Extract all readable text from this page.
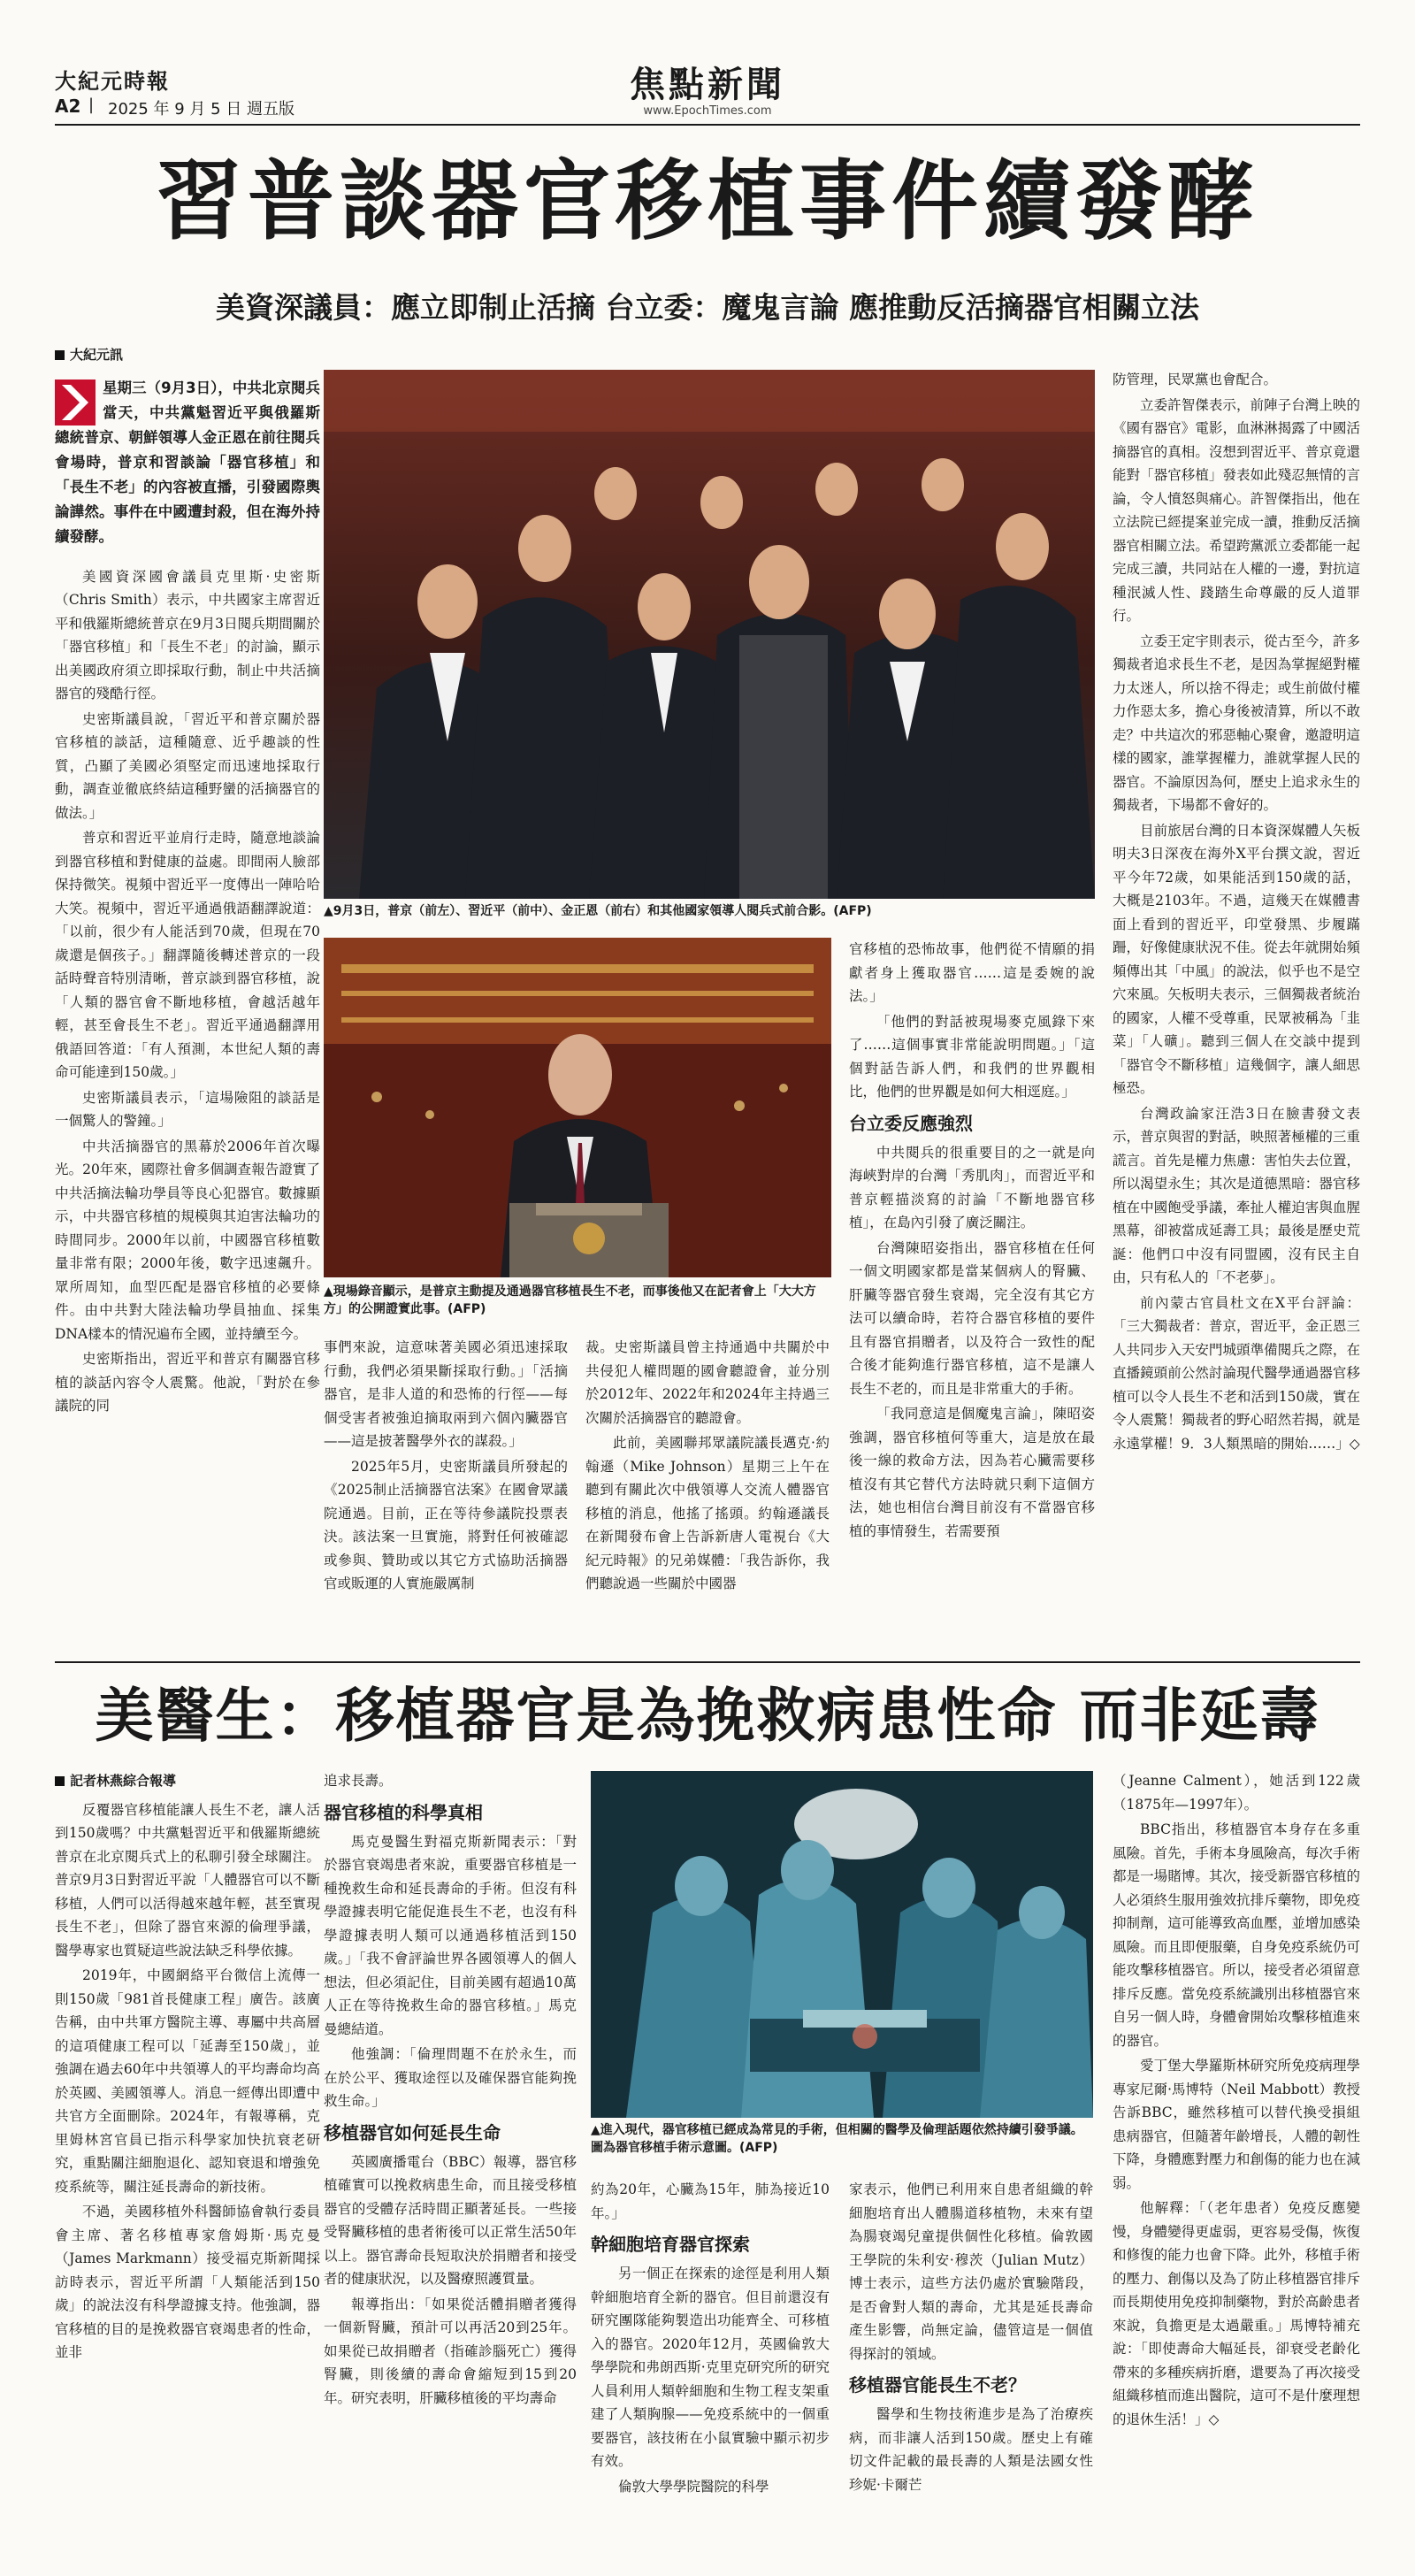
大紀元時報
A2 | 2025 年 9 月 5 日 週五版
焦點新聞
www.EpochTimes.com
習普談器官移植事件續發酵
美資深議員：應立即制止活摘 台立委：魔鬼言論 應推動反活摘器官相關立法
大紀元訊
星期三（9月3日），中共北京閱兵當天，中共黨魁習近平與俄羅斯總統普京、朝鮮領導人金正恩在前往閱兵會場時，普京和習談論「器官移植」和「長生不老」的內容被直播，引發國際輿論譁然。事件在中國遭封殺，但在海外持續發酵。

美國資深國會議員克里斯·史密斯（Chris Smith）表示，中共國家主席習近平和俄羅斯總統普京在9月3日閱兵期間關於「器官移植」和「長生不老」的討論，顯示出美國政府須立即採取行動，制止中共活摘器官的殘酷行徑。

史密斯議員說，「習近平和普京關於器官移植的談話，這種隨意、近乎趣談的性質，凸顯了美國必須堅定而迅速地採取行動，調查並徹底終結這種野蠻的活摘器官的做法。」

普京和習近平並肩行走時，隨意地談論到器官移植和對健康的益處。即間兩人臉部保持微笑。視頻中習近平一度傳出一陣哈哈大笑。視頻中，習近平通過俄語翻譯說道：「以前，很少有人能活到70歲，但現在70歲還是個孩子。」翻譯隨後轉述普京的一段話時聲音特別清晰，普京談到器官移植，說「人類的器官會不斷地移植，會越活越年輕，甚至會長生不老」。習近平通過翻譯用俄語回答道：「有人預測，本世紀人類的壽命可能達到150歲。」

史密斯議員表示，「這場險阻的談話是一個驚人的警鐘。」

中共活摘器官的黑幕於2006年首次曝光。20年來，國際社會多個調查報告證實了中共活摘法輪功學員等良心犯器官。數據顯示，中共器官移植的規模與其迫害法輪功的時間同步。2000年以前，中國器官移植數量非常有限；2000年後，數字迅速飆升。眾所周知，血型匹配是器官移植的必要條件。由中共對大陸法輪功學員抽血、採集DNA樣本的情況遍布全國，並持續至今。

史密斯指出，習近平和普京有關器官移植的談話內容令人震驚。他說，「對於在參議院的同

▲9月3日，普京（前左）、習近平（前中）、金正恩（前右）和其他國家領導人閱兵式前合影。(AFP)
▲現場錄音顯示，是普京主動提及通過器官移植長生不老，而事後他又在記者會上「大大方方」的公開證實此事。(AFP)

事們來說，這意味著美國必須迅速採取行動，我們必須果斷採取行動。」「活摘器官，是非人道的和恐怖的行徑——每個受害者被強迫摘取兩到六個內臟器官——這是披著醫學外衣的謀殺。」

2025年5月，史密斯議員所發起的《2025制止活摘器官法案》在國會眾議院通過。目前，正在等待參議院投票表決。該法案一旦實施，將對任何被確認或參與、贊助或以其它方式協助活摘器官或販運的人實施嚴厲制

裁。史密斯議員曾主持通過中共關於中共侵犯人權問題的國會聽證會，並分別於2012年、2022年和2024年主持過三次關於活摘器官的聽證會。

此前，美國聯邦眾議院議長邁克·約翰遜（Mike Johnson）星期三上午在聽到有關此次中俄領導人交流人體器官移植的消息，他搖了搖頭。約翰遜議長在新聞發布會上告訴新唐人電視台《大紀元時報》的兄弟媒體：「我告訴你，我們聽說過一些關於中國器

官移植的恐怖故事，他們從不情願的捐獻者身上獲取器官……這是委婉的說法。」

「他們的對話被現場麥克風錄下來了……這個事實非常能說明問題。」「這個對話告訴人們，和我們的世界觀相比，他們的世界觀是如何大相逕庭。」

台立委反應強烈

中共閱兵的很重要目的之一就是向海峽對岸的台灣「秀肌肉」，而習近平和普京輕描淡寫的討論「不斷地器官移植」，在島內引發了廣泛關注。

台灣陳昭姿指出，器官移植在任何一個文明國家都是當某個病人的腎臟、肝臟等器官發生衰竭，完全沒有其它方法可以續命時，若符合器官移植的要件且有器官捐贈者，以及符合一致性的配合後才能夠進行器官移植，這不是讓人長生不老的，而且是非常重大的手術。

「我同意這是個魔鬼言論」，陳昭姿強調，器官移植何等重大，這是放在最後一線的救命方法，因為若心臟需要移植沒有其它替代方法時就只剩下這個方法，她也相信台灣目前沒有不當器官移植的事情發生，若需要預

防管理，民眾黨也會配合。

立委許智傑表示，前陣子台灣上映的《國有器官》電影，血淋淋揭露了中國活摘器官的真相。沒想到習近平、普京竟還能對「器官移植」發表如此殘忍無情的言論，令人憤怒與痛心。許智傑指出，他在立法院已經提案並完成一讀，推動反活摘器官相關立法。希望跨黨派立委都能一起完成三讀，共同站在人權的一邊，對抗這種泯滅人性、踐踏生命尊嚴的反人道罪行。

立委王定宇則表示，從古至今，許多獨裁者追求長生不老，是因為掌握絕對權力太迷人，所以捨不得走；或生前做付權力作惡太多，擔心身後被清算，所以不敢走？中共這次的邪惡軸心聚會，邀證明這樣的國家，誰掌握權力，誰就掌握人民的器官。不論原因為何，歷史上追求永生的獨裁者，下場都不會好的。

目前旅居台灣的日本資深媒體人矢板明夫3日深夜在海外X平台撰文說，習近平今年72歲，如果能活到150歲的話，大概是2103年。不過，這幾天在媒體書面上看到的習近平，印堂發黑、步履蹣跚，好像健康狀況不佳。從去年就開始頻頻傳出其「中風」的說法，似乎也不是空穴來風。矢板明夫表示，三個獨裁者統治的國家，人權不受尊重，民眾被稱為「韭菜」「人礦」。聽到三個人在交談中提到「器官令不斷移植」這幾個字，讓人細思極恐。

台灣政論家汪浩3日在臉書發文表示，普京與習的對話，映照著極權的三重謊言。首先是權力焦慮：害怕失去位置，所以渴望永生；其次是道德黑暗：器官移植在中國飽受爭議，牽扯人權迫害與血腥黑幕，卻被當成延壽工具；最後是歷史荒誕：他們口中沒有同盟國，沒有民主自由，只有私人的「不老夢」。

前內蒙古官員杜文在X平台評論：「三大獨裁者：普京，習近平，金正恩三人共同步入天安門城頭準備閱兵之際，在直播鏡頭前公然討論現代醫學通過器官移植可以令人長生不老和活到150歲，實在令人震驚！獨裁者的野心昭然若揭，就是永遠掌權！9．3人類黑暗的開始……」◇

美醫生：移植器官是為挽救病患性命 而非延壽
記者林燕綜合報導

反覆器官移植能讓人長生不老，讓人活到150歲嗎？中共黨魁習近平和俄羅斯總統普京在北京閱兵式上的私聊引發全球關注。普京9月3日對習近平說「人體器官可以不斷移植，人們可以活得越來越年輕，甚至實現長生不老」，但除了器官來源的倫理爭議，醫學專家也質疑這些說法缺乏科學依據。

2019年，中國網絡平台微信上流傳一則150歲「981首長健康工程」廣告。該廣告稱，由中共軍方醫院主導、專屬中共高層的這項健康工程可以「延壽至150歲」，並強調在過去60年中共領導人的平均壽命均高於英國、美國領導人。消息一經傳出即遭中共官方全面刪除。2024年，有報導稱，克里姆林宮官員已指示科學家加快抗衰老研究，重點關注細胞退化、認知衰退和增強免疫系統等，關注延長壽命的新技術。

不過，美國移植外科醫師協會執行委員會主席、著名移植專家詹姆斯·馬克曼（James Markmann）接受福克斯新聞採訪時表示，習近平所謂「人類能活到150歲」的說法沒有科學證據支持。他強調，器官移植的目的是挽救器官衰竭患者的性命，並非

追求長壽。

器官移植的科學真相

馬克曼醫生對福克斯新聞表示：「對於器官衰竭患者來說，重要器官移植是一種挽救生命和延長壽命的手術。但沒有科學證據表明它能促進長生不老，也沒有科學證據表明人類可以通過移植活到150歲。」「我不會評論世界各國領導人的個人想法，但必須記住，目前美國有超過10萬人正在等待挽救生命的器官移植。」馬克曼總結道。

他強調：「倫理問題不在於永生，而在於公平、獲取途徑以及確保器官能夠挽救生命。」

移植器官如何延長生命

英國廣播電台（BBC）報導，器官移植確實可以挽救病患生命，而且接受移植器官的受體存活時間正顯著延長。一些接受腎臟移植的患者術後可以正常生活50年以上。器官壽命長短取決於捐贈者和接受者的健康狀況，以及醫療照護質量。

報導指出：「如果從活體捐贈者獲得一個新腎臟，預計可以再活20到25年。如果從已故捐贈者（指確診腦死亡）獲得腎臟，則後續的壽命會縮短到15到20年。研究表明，肝臟移植後的平均壽命

▲進入現代，器官移植已經成為常見的手術，但相關的醫學及倫理話題依然持續引發爭議。圖為器官移植手術示意圖。(AFP)

約為20年，心臟為15年，肺為接近10年。」

幹細胞培育器官探索

另一個正在探索的途徑是利用人類幹細胞培育全新的器官。但目前還沒有研究團隊能夠製造出功能齊全、可移植入的器官。2020年12月，英國倫敦大學學院和弗朗西斯·克里克研究所的研究人員利用人類幹細胞和生物工程支架重建了人類胸腺——免疫系統中的一個重要器官，該技術在小鼠實驗中顯示初步有效。

倫敦大學學院醫院的科學

家表示，他們已利用來自患者組織的幹細胞培育出人體腸道移植物，未來有望為腸衰竭兒童提供個性化移植。倫敦國王學院的朱利安·穆茨（Julian Mutz）博士表示，這些方法仍處於實驗階段，是否會對人類的壽命，尤其是延長壽命產生影響，尚無定論，儘管這是一個值得探討的領域。

移植器官能長生不老？

醫學和生物技術進步是為了治療疾病，而非讓人活到150歲。歷史上有確切文件記載的最長壽的人類是法國女性珍妮·卡爾芒

（Jeanne Calment），她活到122歲（1875年—1997年）。

BBC指出，移植器官本身存在多重風險。首先，手術本身風險高，每次手術都是一場賭博。其次，接受新器官移植的人必須終生服用強效抗排斥藥物，即免疫抑制劑，這可能導致高血壓，並增加感染風險。而且即便服藥，自身免疫系統仍可能攻擊移植器官。所以，接受者必須留意排斥反應。當免疫系統識別出移植器官來自另一個人時，身體會開始攻擊移植進來的器官。

愛丁堡大學羅斯林研究所免疫病理學專家尼爾·馬博特（Neil Mabbott）教授告訴BBC，雖然移植可以替代換受損組患病器官，但隨著年齡增長，人體的韌性下降，身體應對壓力和創傷的能力也在減弱。

他解釋：「（老年患者）免疫反應變慢，身體變得更虛弱，更容易受傷，恢復和修復的能力也會下降。此外，移植手術的壓力、創傷以及為了防止移植器官排斥而長期使用免疫抑制藥物，對於高齡患者來說，負擔更是太過嚴重。」馬博特補充說：「即使壽命大幅延長，卻衰受老齡化帶來的多種疾病折磨，還要為了再次接受組織移植而進出醫院，這可不是什麼理想的退休生活！」◇
